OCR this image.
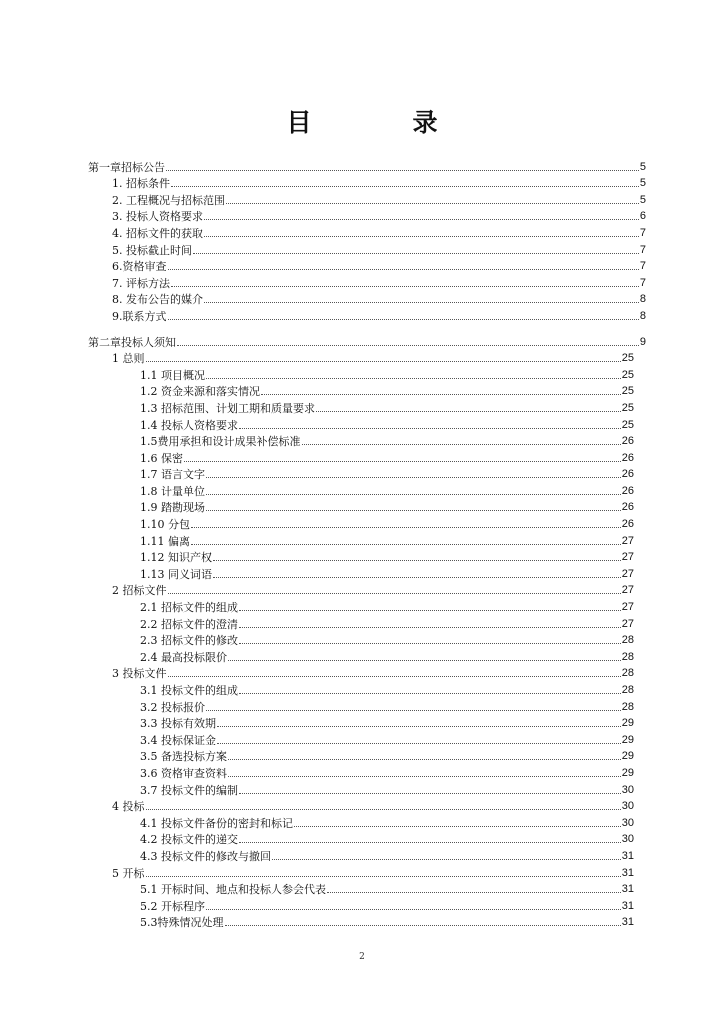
目　录
第一章招标公告	5
1. 招标条件	5
2. 工程概况与招标范围	5
3. 投标人资格要求	6
4. 招标文件的获取	7
5. 投标截止时间	7
6.资格审查	7
7. 评标方法	7
8. 发布公告的媒介	8
9.联系方式	8
第二章投标人须知	9
1 总则	25
1.1 项目概况	25
1.2 资金来源和落实情况	25
1.3 招标范围、计划工期和质量要求	25
1.4 投标人资格要求	25
1.5费用承担和设计成果补偿标准	26
1.6 保密	26
1.7 语言文字	26
1.8 计量单位	26
1.9 踏勘现场	26
1.10 分包	26
1.11 偏离	27
1.12 知识产权	27
1.13 同义词语	27
2 招标文件	27
2.1 招标文件的组成	27
2.2 招标文件的澄清	27
2.3 招标文件的修改	28
2.4 最高投标限价	28
3 投标文件	28
3.1 投标文件的组成	28
3.2 投标报价	28
3.3 投标有效期	29
3.4 投标保证金	29
3.5 备选投标方案	29
3.6 资格审查资料	29
3.7 投标文件的编制	30
4 投标	30
4.1 投标文件备份的密封和标记	30
4.2 投标文件的递交	30
4.3 投标文件的修改与撤回	31
5 开标	31
5.1 开标时间、地点和投标人参会代表	31
5.2 开标程序	31
5.3特殊情况处理	31
2
